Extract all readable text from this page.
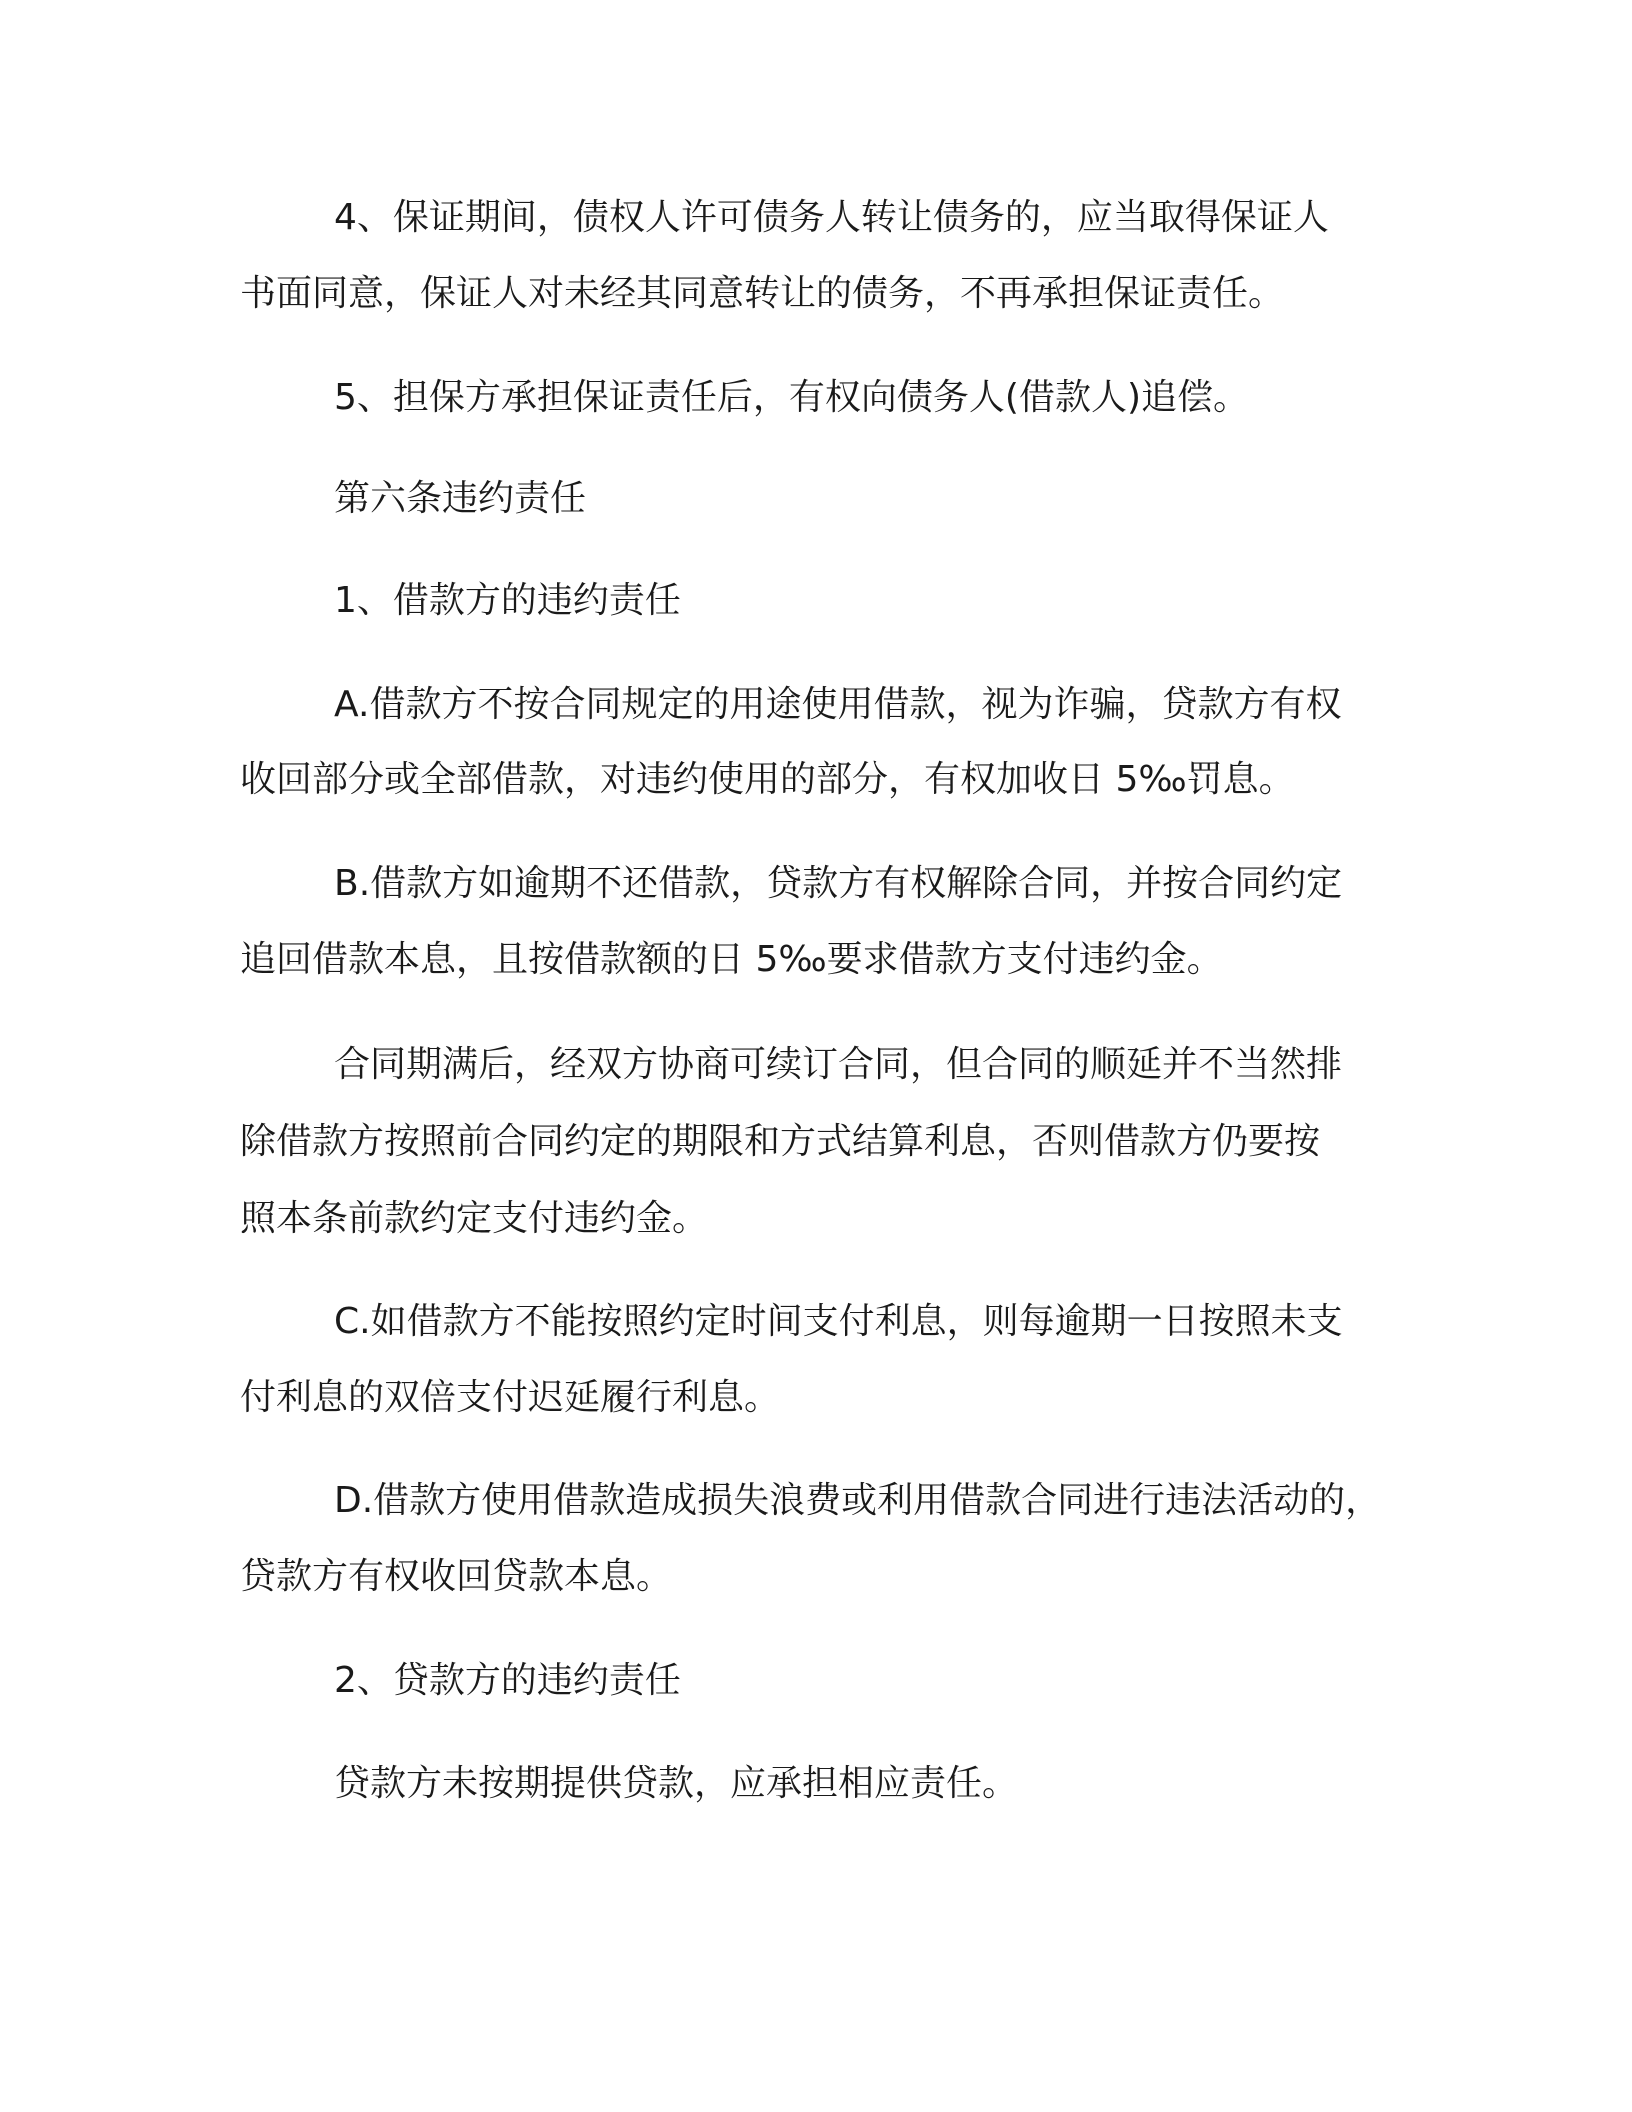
4、保证期间，债权人许可债务人转让债务的，应当取得保证人

书面同意，保证人对未经其同意转让的债务，不再承担保证责任。

5、担保方承担保证责任后，有权向债务人(借款人)追偿。

第六条违约责任

1、借款方的违约责任

A.借款方不按合同规定的用途使用借款，视为诈骗，贷款方有权

收回部分或全部借款，对违约使用的部分，有权加收日 5‰罚息。

B.借款方如逾期不还借款，贷款方有权解除合同，并按合同约定

追回借款本息，且按借款额的日 5‰要求借款方支付违约金。

合同期满后，经双方协商可续订合同，但合同的顺延并不当然排

除借款方按照前合同约定的期限和方式结算利息，否则借款方仍要按

照本条前款约定支付违约金。

C.如借款方不能按照约定时间支付利息，则每逾期一日按照未支

付利息的双倍支付迟延履行利息。

D.借款方使用借款造成损失浪费或利用借款合同进行违法活动的，

贷款方有权收回贷款本息。

2、贷款方的违约责任

贷款方未按期提供贷款，应承担相应责任。
